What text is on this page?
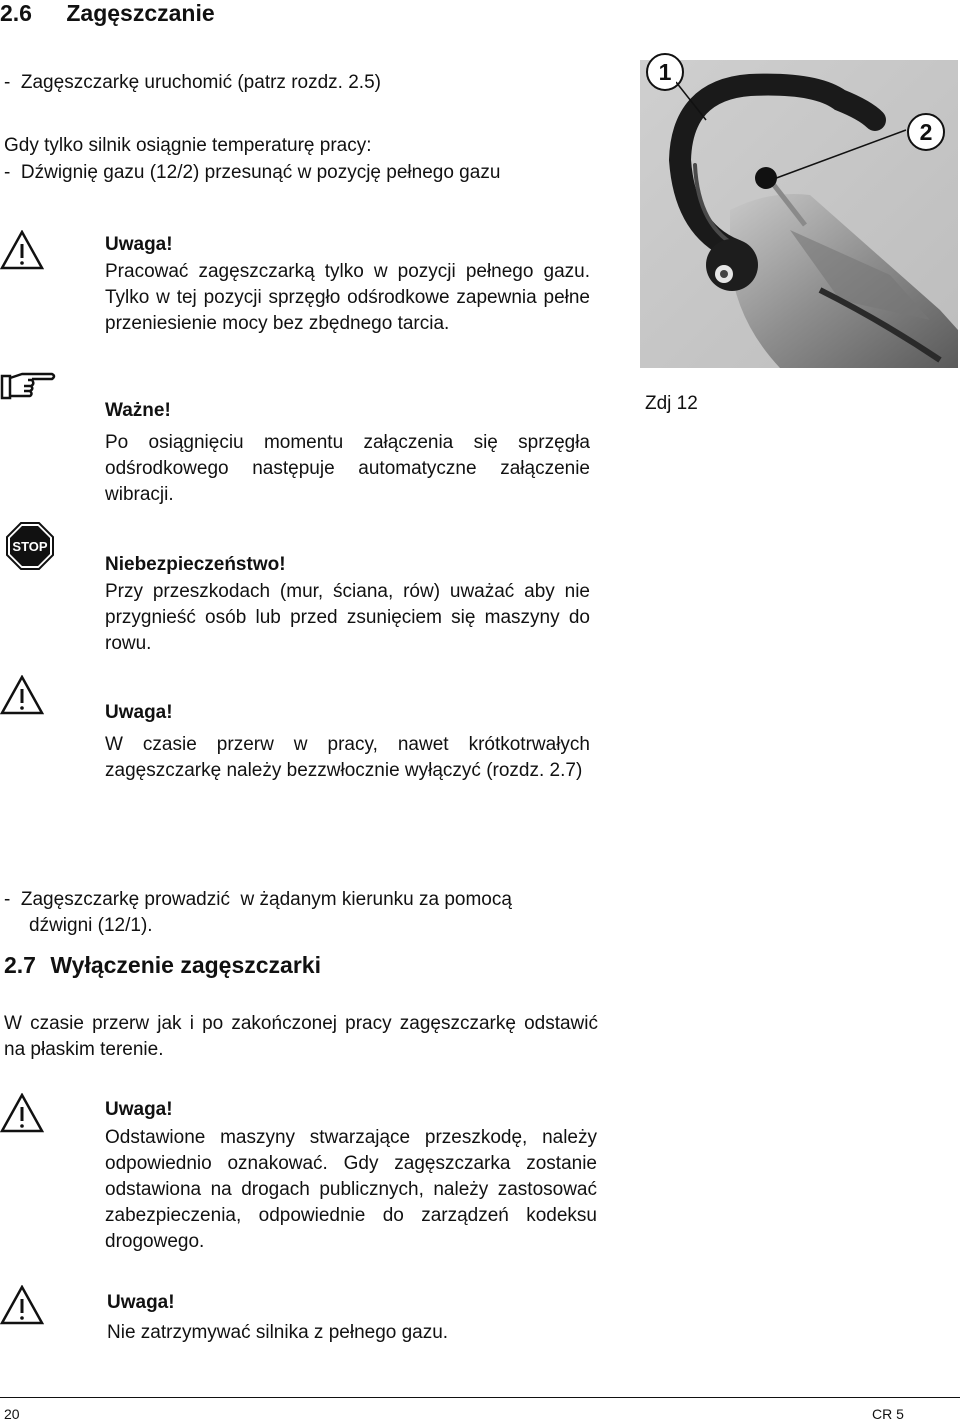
2.6 Zagęszczanie
-  Zagęszczarkę uruchomić (patrz rozdz. 2.5)
Gdy tylko silnik osiągnie temperaturę pracy:
-  Dźwignię gazu (12/2) przesunąć w pozycję pełnego gazu
Uwaga!
Pracować zagęszczarką tylko w pozycji pełnego gazu. Tylko w tej pozycji sprzęgło odśrodkowe zapewnia pełne przeniesienie mocy bez zbędnego tarcia.
Ważne!
Po osiągnięciu momentu załączenia się sprzęgła odśrodkowego następuje automatyczne załączenie wibracji.
STOP
Niebezpieczeństwo!
Przy przeszkodach (mur, ściana, rów) uważać aby nie przygnieść osób lub przed zsunięciem się maszyny do rowu.
Uwaga!
W czasie przerw w pracy, nawet krótkotrwałych zagęszczarkę należy bezzwłocznie wyłączyć (rozdz. 2.7)
-  Zagęszczarkę prowadzić  w żądanym kierunku za pomocą
dźwigni (12/1).
2.7 Wyłączenie zagęszczarki
W czasie przerw jak i po zakończonej pracy zagęszczarkę odstawić na płaskim terenie.
Uwaga!
Odstawione maszyny stwarzające przeszkodę, należy odpowiednio oznakować. Gdy zagęszczarka zostanie odstawiona na drogach publicznych, należy zastosować zabezpieczenia, odpowiednie do zarządzeń kodeksu drogowego.
Uwaga!
Nie zatrzymywać silnika z pełnego gazu.
1
2
Zdj 12
20	CR 5
